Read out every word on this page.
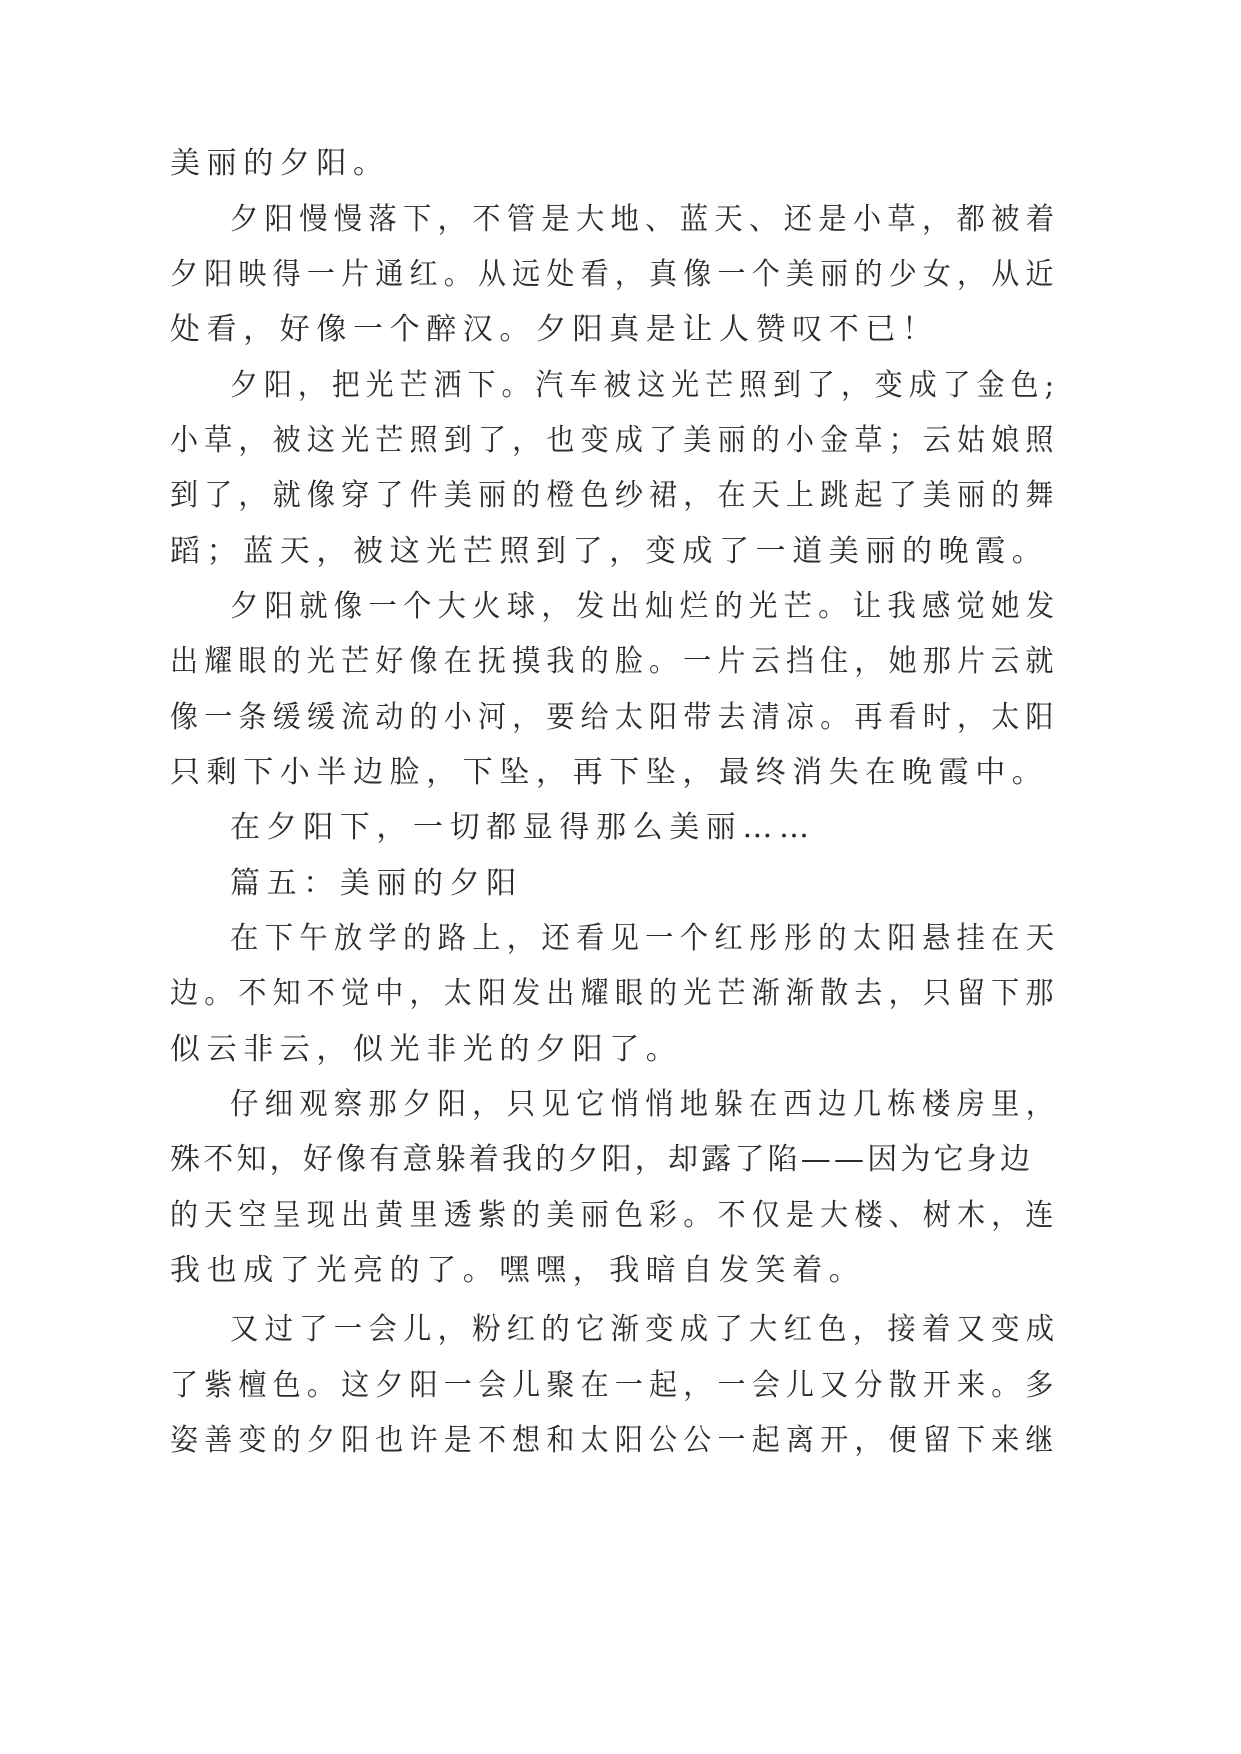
美丽的夕阳。
夕阳慢慢落下，不管是大地、蓝天、还是小草，都被着
夕阳映得一片通红。从远处看，真像一个美丽的少女，从近
处看，好像一个醉汉。夕阳真是让人赞叹不已！
夕阳，把光芒洒下。汽车被这光芒照到了，变成了金色;
小草，被这光芒照到了，也变成了美丽的小金草；云姑娘照
到了，就像穿了件美丽的橙色纱裙，在天上跳起了美丽的舞
蹈；蓝天，被这光芒照到了，变成了一道美丽的晚霞。
夕阳就像一个大火球，发出灿烂的光芒。让我感觉她发
出耀眼的光芒好像在抚摸我的脸。一片云挡住，她那片云就
像一条缓缓流动的小河，要给太阳带去清凉。再看时，太阳
只剩下小半边脸，下坠，再下坠，最终消失在晚霞中。
在夕阳下，一切都显得那么美丽……
篇五：美丽的夕阳
在下午放学的路上，还看见一个红彤彤的太阳悬挂在天
边。不知不觉中，太阳发出耀眼的光芒渐渐散去，只留下那
似云非云，似光非光的夕阳了。
仔细观察那夕阳，只见它悄悄地躲在西边几栋楼房里，
殊不知，好像有意躲着我的夕阳，却露了陷——因为它身边
的天空呈现出黄里透紫的美丽色彩。不仅是大楼、树木，连
我也成了光亮的了。嘿嘿，我暗自发笑着。
又过了一会儿，粉红的它渐变成了大红色，接着又变成
了紫檀色。这夕阳一会儿聚在一起，一会儿又分散开来。多
姿善变的夕阳也许是不想和太阳公公一起离开，便留下来继
